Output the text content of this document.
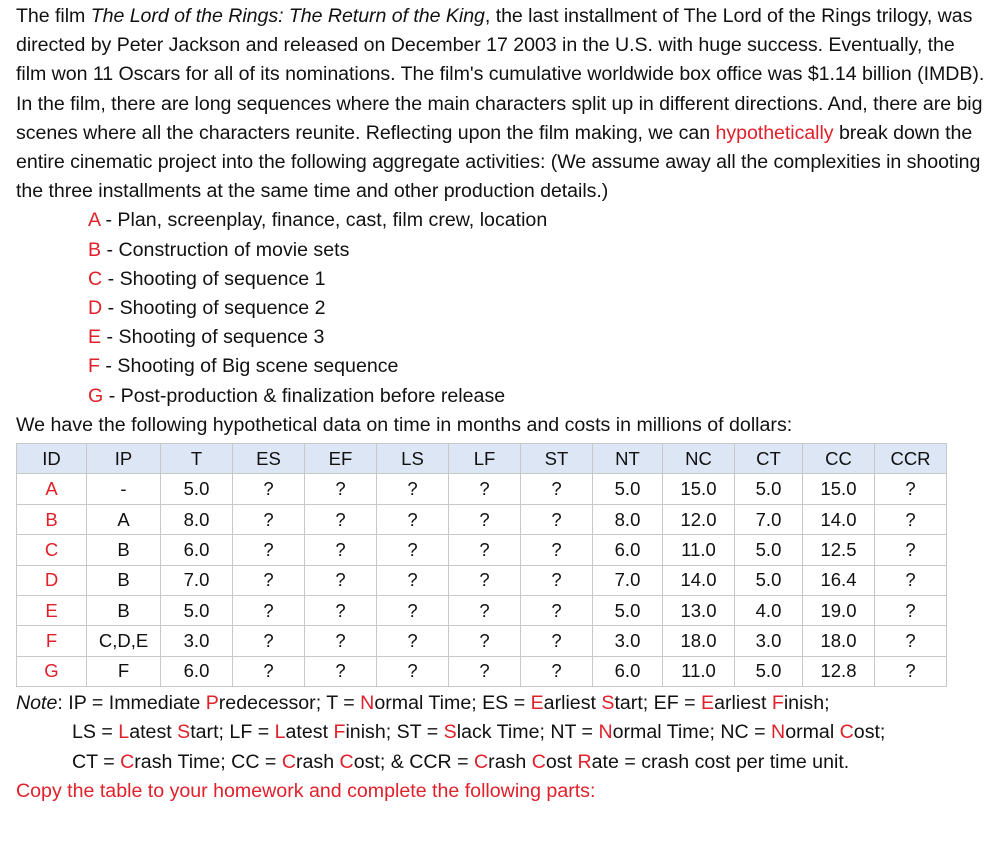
The film The Lord of the Rings: The Return of the King, the last installment of The Lord of the Rings trilogy, was directed by Peter Jackson and released on December 17 2003 in the U.S. with huge success. Eventually, the film won 11 Oscars for all of its nominations. The film's cumulative worldwide box office was $1.14 billion (IMDB). In the film, there are long sequences where the main characters split up in different directions. And, there are big scenes where all the characters reunite. Reflecting upon the film making, we can hypothetically break down the entire cinematic project into the following aggregate activities: (We assume away all the complexities in shooting the three installments at the same time and other production details.)

A - Plan, screenplay, finance, cast, film crew, location
B - Construction of movie sets
C - Shooting of sequence 1
D - Shooting of sequence 2
E - Shooting of sequence 3
F - Shooting of Big scene sequence
G - Post-production & finalization before release

We have the following hypothetical data on time in months and costs in millions of dollars:

ID	IP	T	ES	EF	LS	LF	ST	NT	NC	CT	CC	CCR
A	-	5.0	?	?	?	?	?	5.0	15.0	5.0	15.0	?
B	A	8.0	?	?	?	?	?	8.0	12.0	7.0	14.0	?
C	B	6.0	?	?	?	?	?	6.0	11.0	5.0	12.5	?
D	B	7.0	?	?	?	?	?	7.0	14.0	5.0	16.4	?
E	B	5.0	?	?	?	?	?	5.0	13.0	4.0	19.0	?
F	C,D,E	3.0	?	?	?	?	?	3.0	18.0	3.0	18.0	?
G	F	6.0	?	?	?	?	?	6.0	11.0	5.0	12.8	?

Note: IP = Immediate Predecessor; T = Normal Time; ES = Earliest Start; EF = Earliest Finish;

LS = Latest Start; LF = Latest Finish; ST = Slack Time; NT = Normal Time; NC = Normal Cost;

CT = Crash Time; CC = Crash Cost; & CCR = Crash Cost Rate = crash cost per time unit.

Copy the table to your homework and complete the following parts:
